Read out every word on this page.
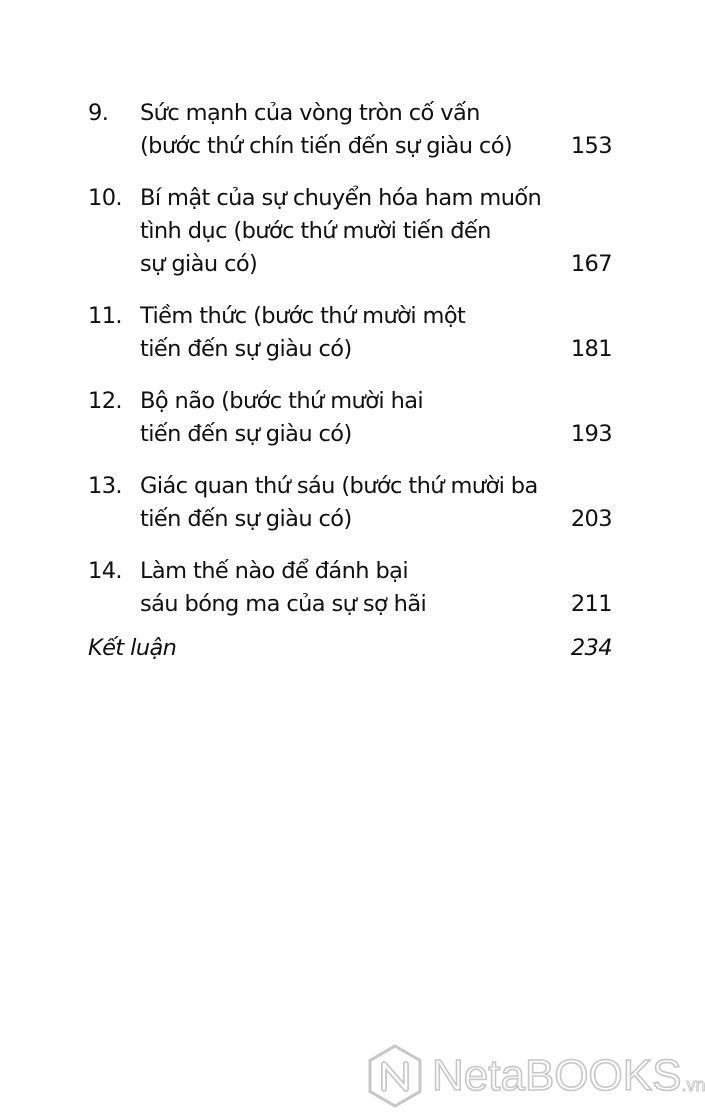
9. Sức mạnh của vòng tròn cố vấn
(bước thứ chín tiến đến sự giàu có)	153
10. Bí mật của sự chuyển hóa ham muốn
tình dục (bước thứ mười tiến đến
sự giàu có)	167
11. Tiềm thức (bước thứ mười một
tiến đến sự giàu có)	181
12. Bộ não (bước thứ mười hai
tiến đến sự giàu có)	193
13. Giác quan thứ sáu (bước thứ mười ba
tiến đến sự giàu có)	203
14. Làm thế nào để đánh bại
sáu bóng ma của sự sợ hãi	211
Kết luận	234
NetaBOOKS .vn
